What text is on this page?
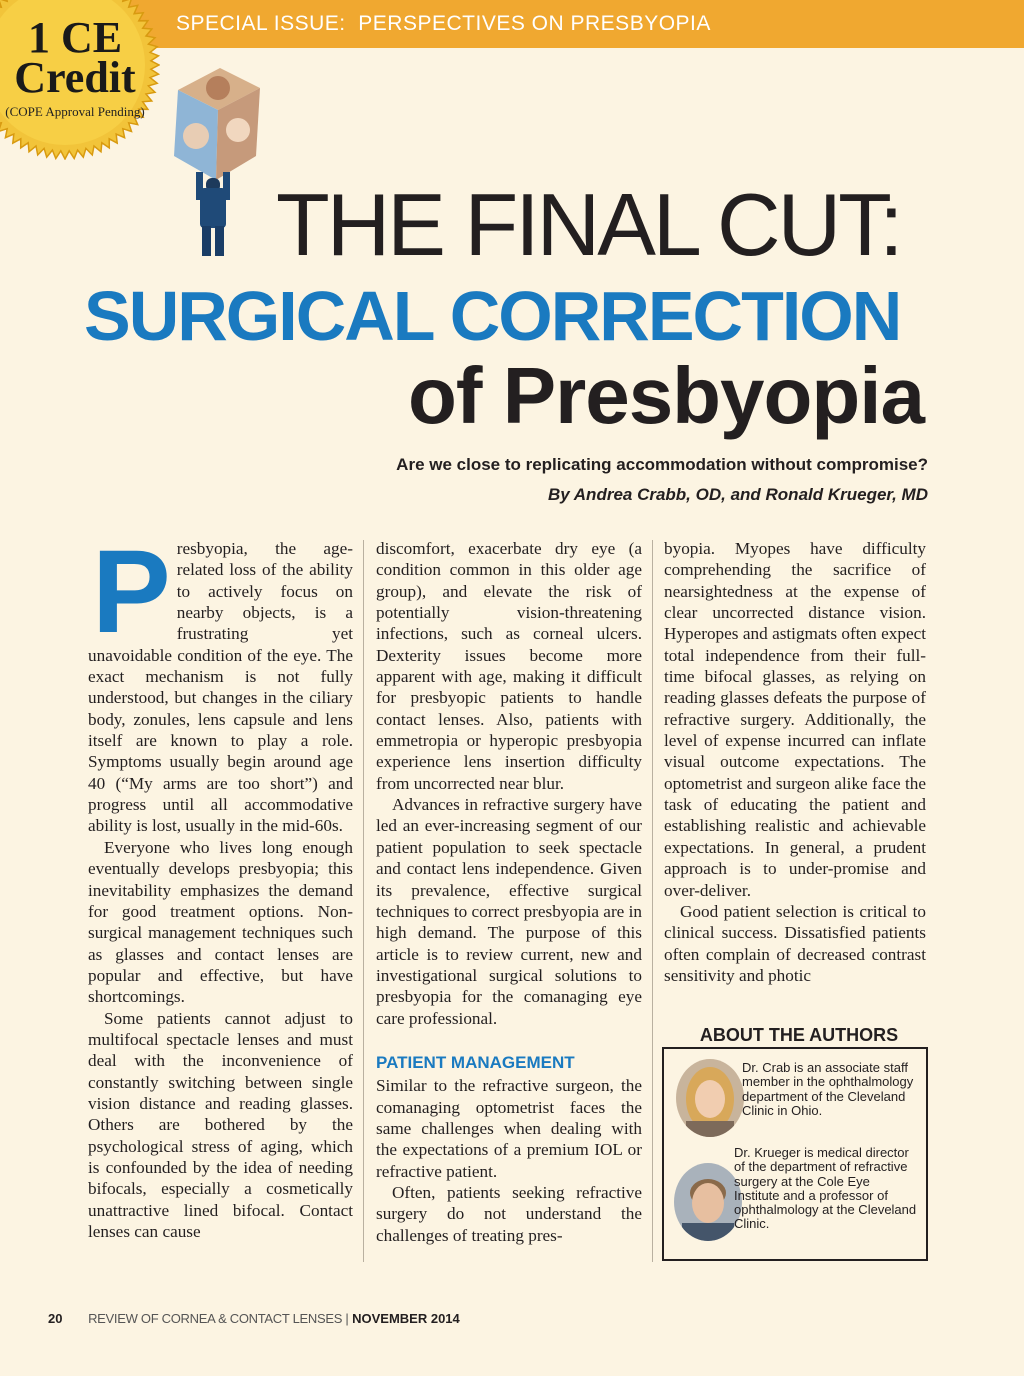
SPECIAL ISSUE:  PERSPECTIVES ON PRESBYOPIA
1 CE
Credit
(COPE Approval Pending)
THE FINAL CUT:
SURGICAL CORRECTION
of Presbyopia
Are we close to replicating accommodation without compromise?
By Andrea Crabb, OD, and Ronald Krueger, MD

Presbyopia, the age-related loss of the ability to actively focus on nearby objects, is a frustrating yet unavoidable condition of the eye. The exact mechanism is not fully understood, but changes in the ciliary body, zonules, lens capsule and lens itself are known to play a role. Symptoms usually begin around age 40 (“My arms are too short”) and progress until all accommodative ability is lost, usually in the mid-60s.

Everyone who lives long enough eventually develops presbyopia; this inevitability emphasizes the demand for good treatment options. Non-surgical management techniques such as glasses and contact lenses are popular and effective, but have shortcomings.

Some patients cannot adjust to multifocal spectacle lenses and must deal with the inconvenience of constantly switching between single vision distance and reading glasses. Others are bothered by the psychological stress of aging, which is confounded by the idea of needing bifocals, especially a cosmetically unattractive lined bifocal. Contact lenses can cause

discomfort, exacerbate dry eye (a condition common in this older age group), and elevate the risk of potentially vision-threatening infections, such as corneal ulcers. Dexterity issues become more apparent with age, making it difficult for presbyopic patients to handle contact lenses. Also, patients with emmetropia or hyperopic presbyopia experience lens insertion difficulty from uncorrected near blur.

Advances in refractive surgery have led an ever-increasing segment of our patient population to seek spectacle and contact lens independence. Given its prevalence, effective surgical techniques to correct presbyopia are in high demand. The purpose of this article is to review current, new and investigational surgical solutions to presbyopia for the comanaging eye care professional.

PATIENT MANAGEMENT

Similar to the refractive surgeon, the comanaging optometrist faces the same challenges when dealing with the expectations of a premium IOL or refractive patient.

Often, patients seeking refractive surgery do not understand the challenges of treating pres-

byopia. Myopes have difficulty comprehending the sacrifice of nearsightedness at the expense of clear uncorrected distance vision. Hyperopes and astigmats often expect total independence from their full-time bifocal glasses, as relying on reading glasses defeats the purpose of refractive surgery. Additionally, the level of expense incurred can inflate visual outcome expectations. The optometrist and surgeon alike face the task of educating the patient and establishing realistic and achievable expectations. In general, a prudent approach is to under-promise and over-deliver.

Good patient selection is critical to clinical success. Dissatisfied patients often complain of decreased contrast sensitivity and photic

ABOUT THE AUTHORS
Dr. Crab is an associate staff member in the ophthalmology department of the Cleveland Clinic in Ohio.
Dr. Krueger is medical director of the department of refractive surgery at the Cole Eye Institute and a professor of ophthalmology at the Cleveland Clinic.
20 REVIEW OF CORNEA & CONTACT LENSES | NOVEMBER 2014
